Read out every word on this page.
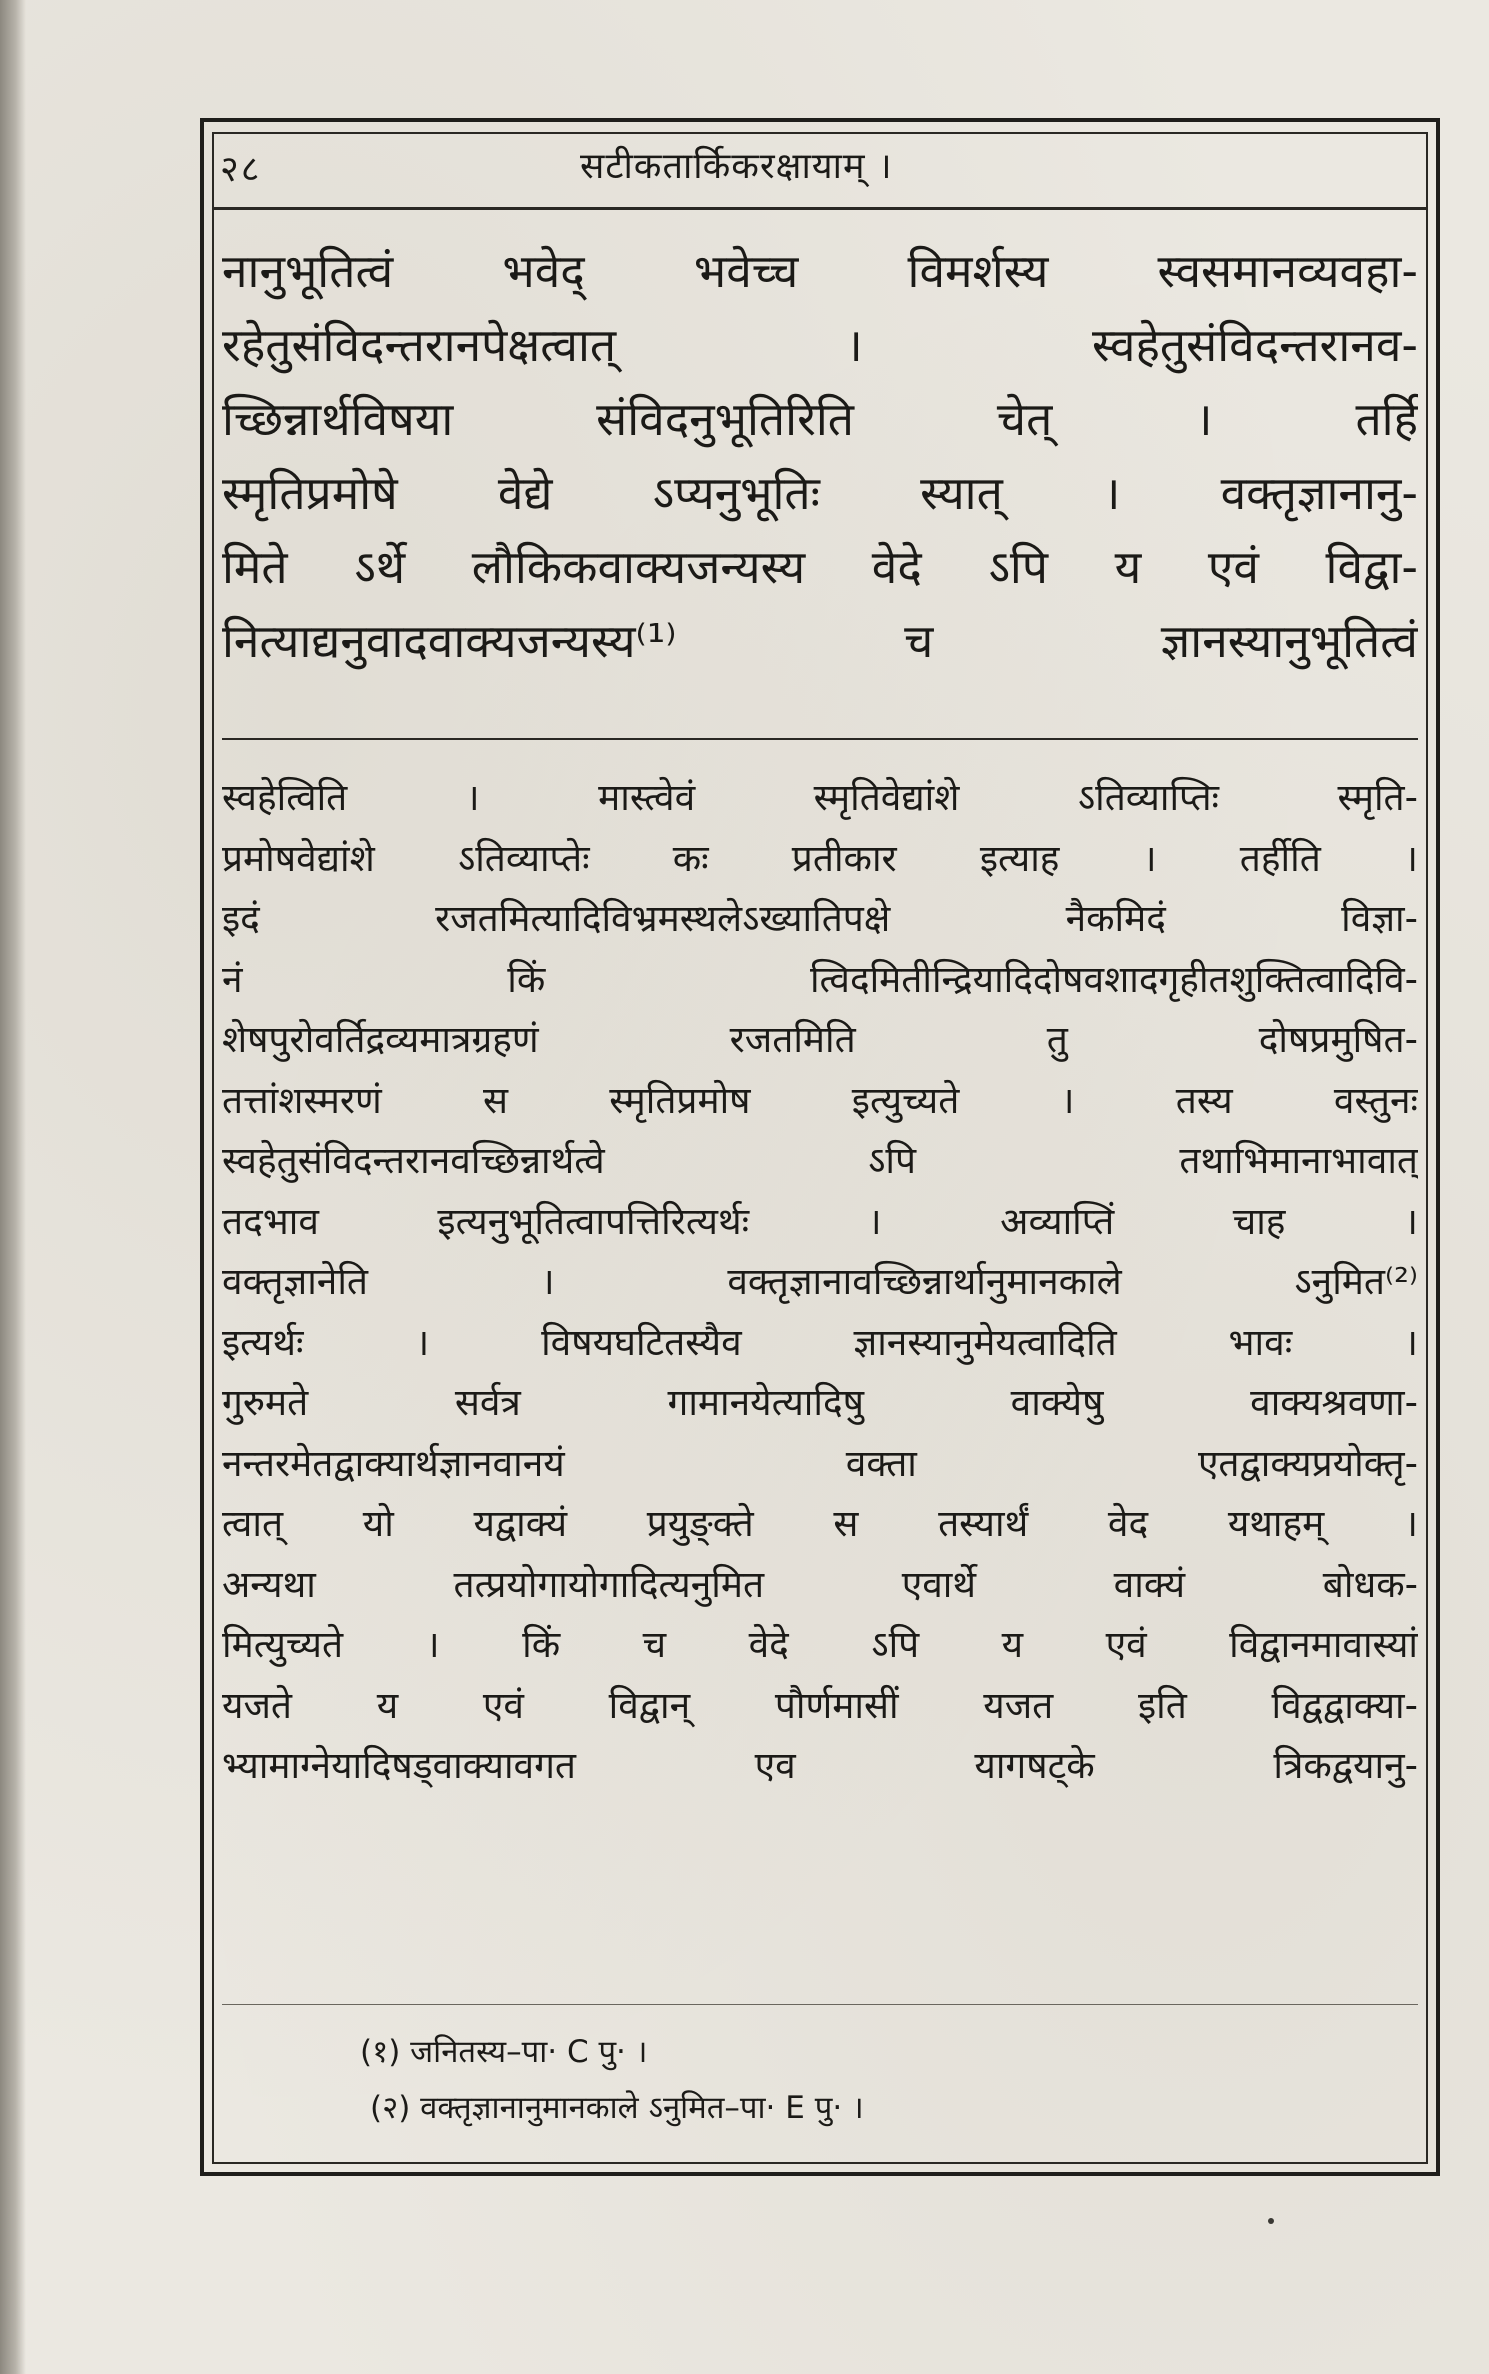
२८	सटीकतार्किकरक्षायाम् ।
नानुभूतित्वं भवेद् भवेच्च विमर्शस्य स्वसमानव्यवहा-
रहेतुसंविदन्तरानपेक्षत्वात् । स्वहेतुसंविदन्तरानव-
च्छिन्नार्थविषया संविदनुभूतिरिति चेत् । तर्हि
स्मृतिप्रमोषे वेद्ये ऽप्यनुभूतिः स्यात् । वक्तृज्ञानानु-
मिते ऽर्थे लौकिकवाक्यजन्यस्य वेदे ऽपि य एवं विद्वा-
नित्याद्यनुवादवाक्यजन्यस्य⁽¹⁾ च ज्ञानस्यानुभूतित्वं
स्वहेत्विति । मास्त्वेवं स्मृतिवेद्यांशे ऽतिव्याप्तिः स्मृति-
प्रमोषवेद्यांशे ऽतिव्याप्तेः कः प्रतीकार इत्याह । तर्हीति ।
इदं रजतमित्यादिविभ्रमस्थलेऽख्यातिपक्षे नैकमिदं विज्ञा-
नं किं त्विदमितीन्द्रियादिदोषवशादगृहीतशुक्तित्वादिवि-
शेषपुरोवर्तिद्रव्यमात्रग्रहणं रजतमिति तु दोषप्रमुषित-
तत्तांशस्मरणं स स्मृतिप्रमोष इत्युच्यते । तस्य वस्तुनः
स्वहेतुसंविदन्तरानवच्छिन्नार्थत्वे ऽपि तथाभिमानाभावात्
तदभाव इत्यनुभूतित्वापत्तिरित्यर्थः । अव्याप्तिं चाह ।
वक्तृज्ञानेति । वक्तृज्ञानावच्छिन्नार्थानुमानकाले ऽनुमित⁽²⁾
इत्यर्थः । विषयघटितस्यैव ज्ञानस्यानुमेयत्वादिति भावः ।
गुरुमते सर्वत्र गामानयेत्यादिषु वाक्येषु वाक्यश्रवणा-
नन्तरमेतद्वाक्यार्थज्ञानवानयं वक्ता एतद्वाक्यप्रयोक्तृ-
त्वात् यो यद्वाक्यं प्रयुङ्क्ते स तस्यार्थं वेद यथाहम् ।
अन्यथा तत्प्रयोगायोगादित्यनुमित एवार्थे वाक्यं बोधक-
मित्युच्यते । किं च वेदे ऽपि य एवं विद्वानमावास्यां
यजते य एवं विद्वान् पौर्णमासीं यजत इति विद्वद्वाक्या-
भ्यामाग्नेयादिषड्वाक्यावगत एव यागषट्के त्रिकद्वयानु-
(१) जनितस्य–पा· C पु· ।
(२) वक्तृज्ञानानुमानकाले ऽनुमित–पा· E पु· ।
